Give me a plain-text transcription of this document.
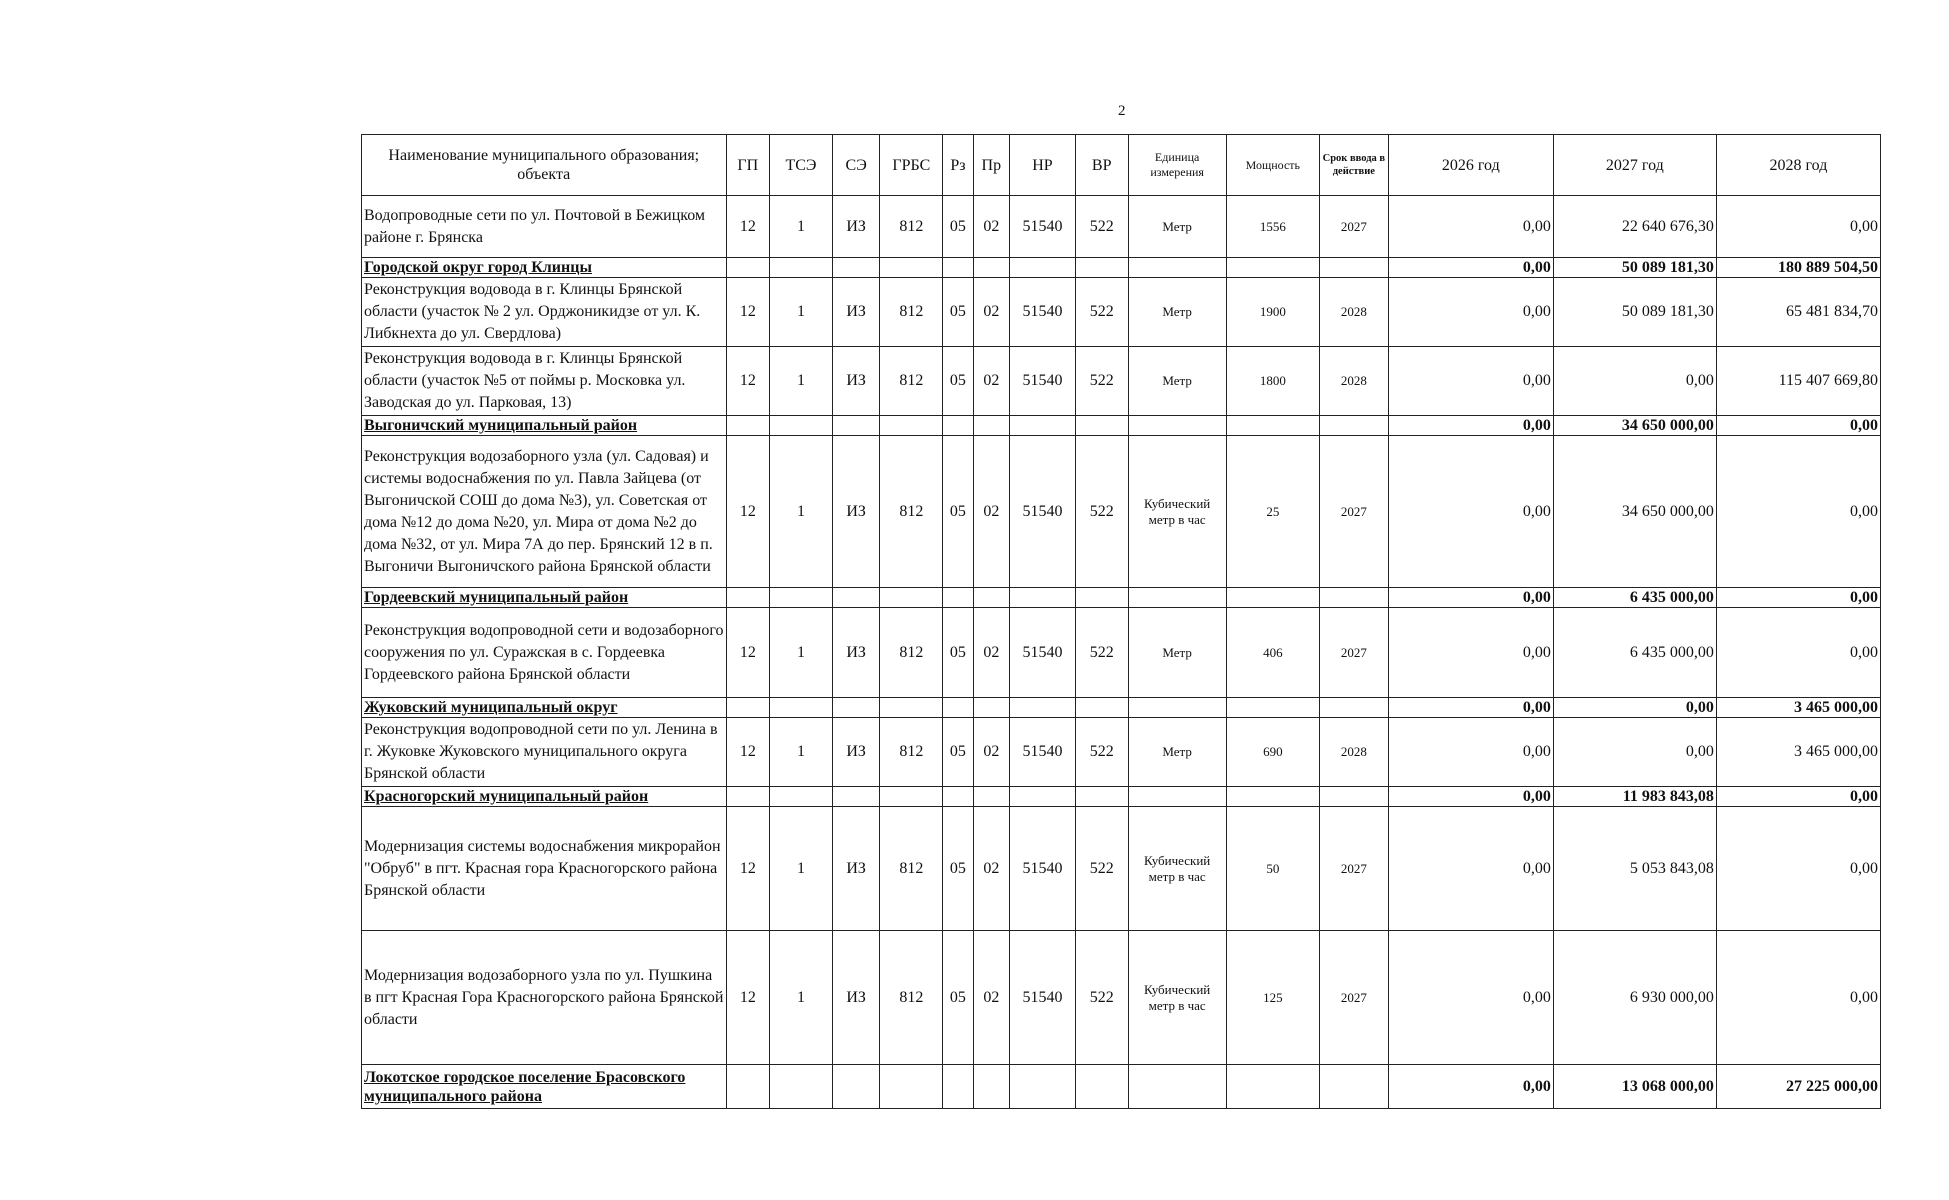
2
Наименование муниципального образования; объекта	ГП	ТСЭ	СЭ	ГРБС	Рз	Пр	НР	ВР	Единица измерения	Мощность	Срок ввода в действие	2026 год	2027 год	2028 год
Водопроводные сети по ул. Почтовой в Бежицком районе г. Брянска	12	1	ИЗ	812	05	02	51540	522	Метр	1556	2027	0,00	22 640 676,30	0,00
Городской округ город Клинцы												0,00	50 089 181,30	180 889 504,50
Реконструкция водовода в г. Клинцы Брянской области (участок № 2 ул. Орджоникидзе от ул. К. Либкнехта до ул. Свердлова)	12	1	ИЗ	812	05	02	51540	522	Метр	1900	2028	0,00	50 089 181,30	65 481 834,70
Реконструкция водовода в г. Клинцы Брянской области (участок №5 от поймы р. Московка ул. Заводская до ул. Парковая, 13)	12	1	ИЗ	812	05	02	51540	522	Метр	1800	2028	0,00	0,00	115 407 669,80
Выгоничский муниципальный район												0,00	34 650 000,00	0,00
Реконструкция водозаборного узла (ул. Садовая) и системы водоснабжения по ул. Павла Зайцева (от Выгоничской СОШ до дома №3), ул. Советская от дома №12 до дома №20, ул. Мира от дома №2 до дома №32, от ул. Мира 7А до пер. Брянский 12 в п. Выгоничи Выгоничского района Брянской области	12	1	ИЗ	812	05	02	51540	522	Кубический метр в час	25	2027	0,00	34 650 000,00	0,00
Гордеевский муниципальный район												0,00	6 435 000,00	0,00
Реконструкция водопроводной сети и водозаборного сооружения по ул. Суражская в с. Гордеевка Гордеевского района Брянской области	12	1	ИЗ	812	05	02	51540	522	Метр	406	2027	0,00	6 435 000,00	0,00
Жуковский муниципальный округ												0,00	0,00	3 465 000,00
Реконструкция водопроводной сети по ул. Ленина в г. Жуковке Жуковского муниципального округа Брянской области	12	1	ИЗ	812	05	02	51540	522	Метр	690	2028	0,00	0,00	3 465 000,00
Красногорский муниципальный район												0,00	11 983 843,08	0,00
Модернизация системы водоснабжения микрорайон "Обруб" в пгт. Красная гора Красногорского района Брянской области	12	1	ИЗ	812	05	02	51540	522	Кубический метр в час	50	2027	0,00	5 053 843,08	0,00
Модернизация водозаборного узла по ул. Пушкина в пгт Красная Гора Красногорского района Брянской области	12	1	ИЗ	812	05	02	51540	522	Кубический метр в час	125	2027	0,00	6 930 000,00	0,00
Локотское городское поселение Брасовского муниципального района												0,00	13 068 000,00	27 225 000,00
